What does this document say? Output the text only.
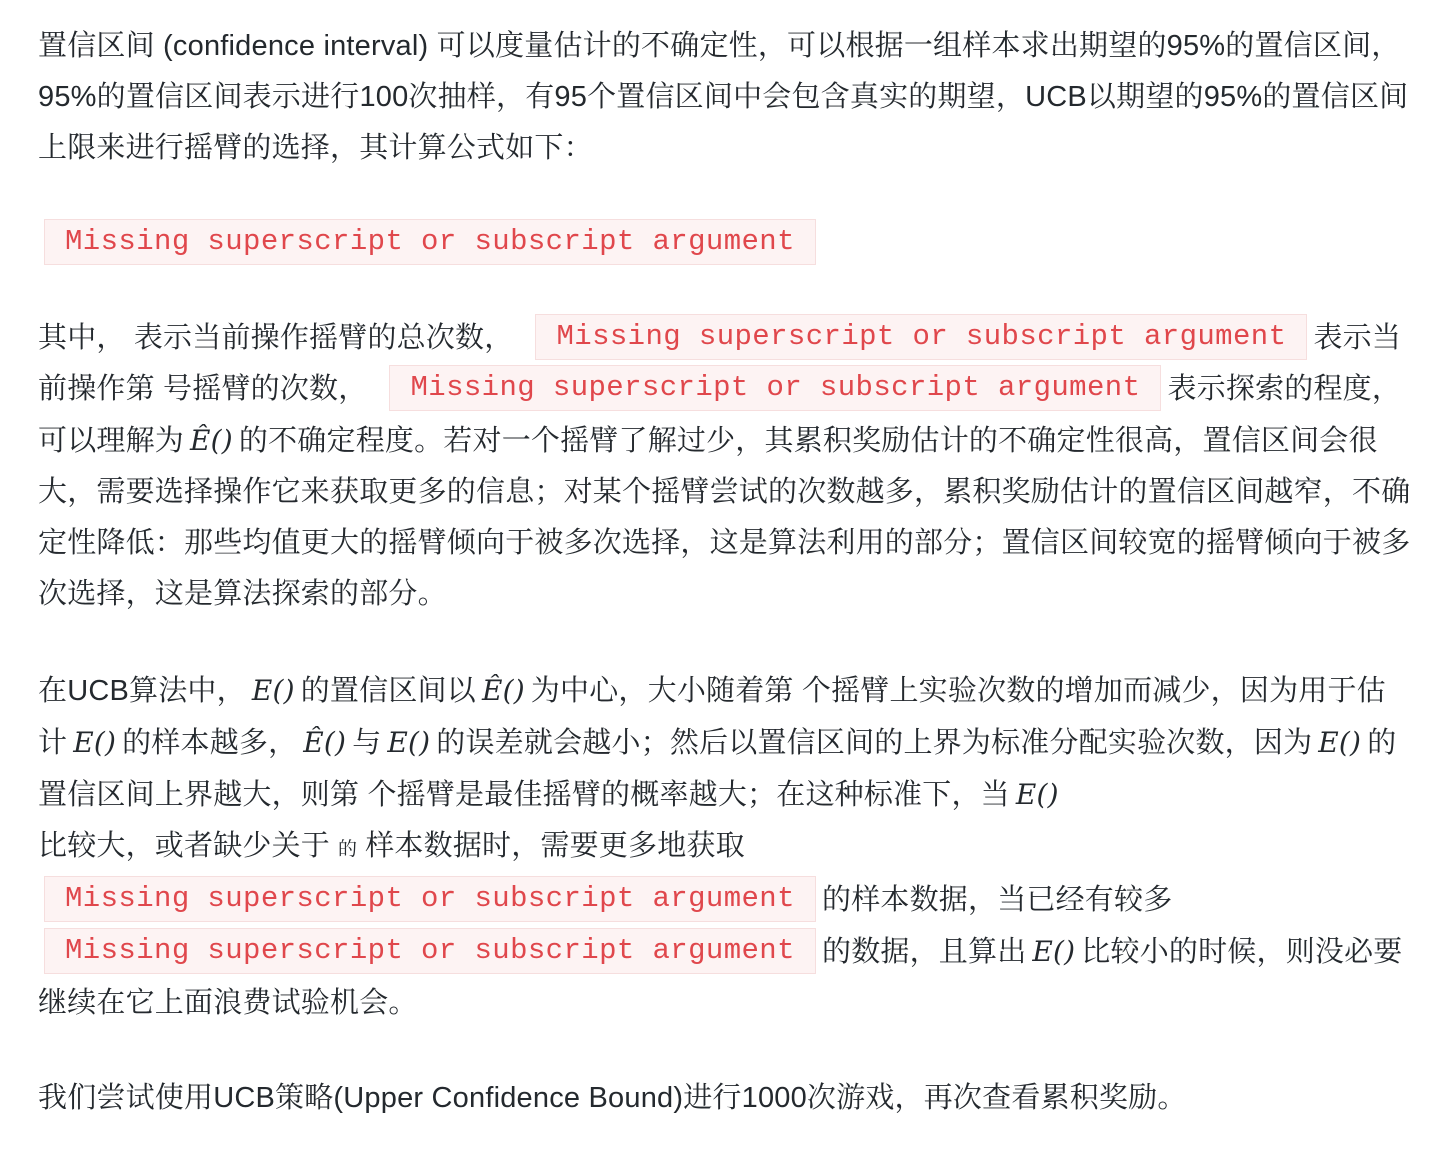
置信区间 (confidence interval) 可以度量估计的不确定性，可以根据一组样本求出期望的95%的置信区间，95%的置信区间表示进行100次抽样，有95个置信区间中会包含真实的期望，UCB以期望的95%的置信区间上限来进行摇臂的选择，其计算公式如下：

Missing superscript or subscript argument

其中， 表示当前操作摇臂的总次数， Missing superscript or subscript argument 表示当前操作第 号摇臂的次数， Missing superscript or subscript argument 表示探索的程度，可以理解为 Ê() 的不确定程度。若对一个摇臂了解过少，其累积奖励估计的不确定性很高，置信区间会很大，需要选择操作它来获取更多的信息；对某个摇臂尝试的次数越多，累积奖励估计的置信区间越窄，不确定性降低：那些均值更大的摇臂倾向于被多次选择，这是算法利用的部分；置信区间较宽的摇臂倾向于被多次选择，这是算法探索的部分。

在UCB算法中， E() 的置信区间以 Ê() 为中心，大小随着第 个摇臂上实验次数的增加而减少，因为用于估计 E() 的样本越多， Ê() 与 E() 的误差就会越小；然后以置信区间的上界为标准分配实验次数，因为 E() 的置信区间上界越大，则第 个摇臂是最佳摇臂的概率越大；在这种标准下，当 E()
比较大，或者缺少关于 的 样本数据时，需要更多地获取
Missing superscript or subscript argument 的样本数据，当已经有较多
Missing superscript or subscript argument 的数据，且算出 E() 比较小的时候，则没必要继续在它上面浪费试验机会。

我们尝试使用UCB策略(Upper Confidence Bound)进行1000次游戏，再次查看累积奖励。
